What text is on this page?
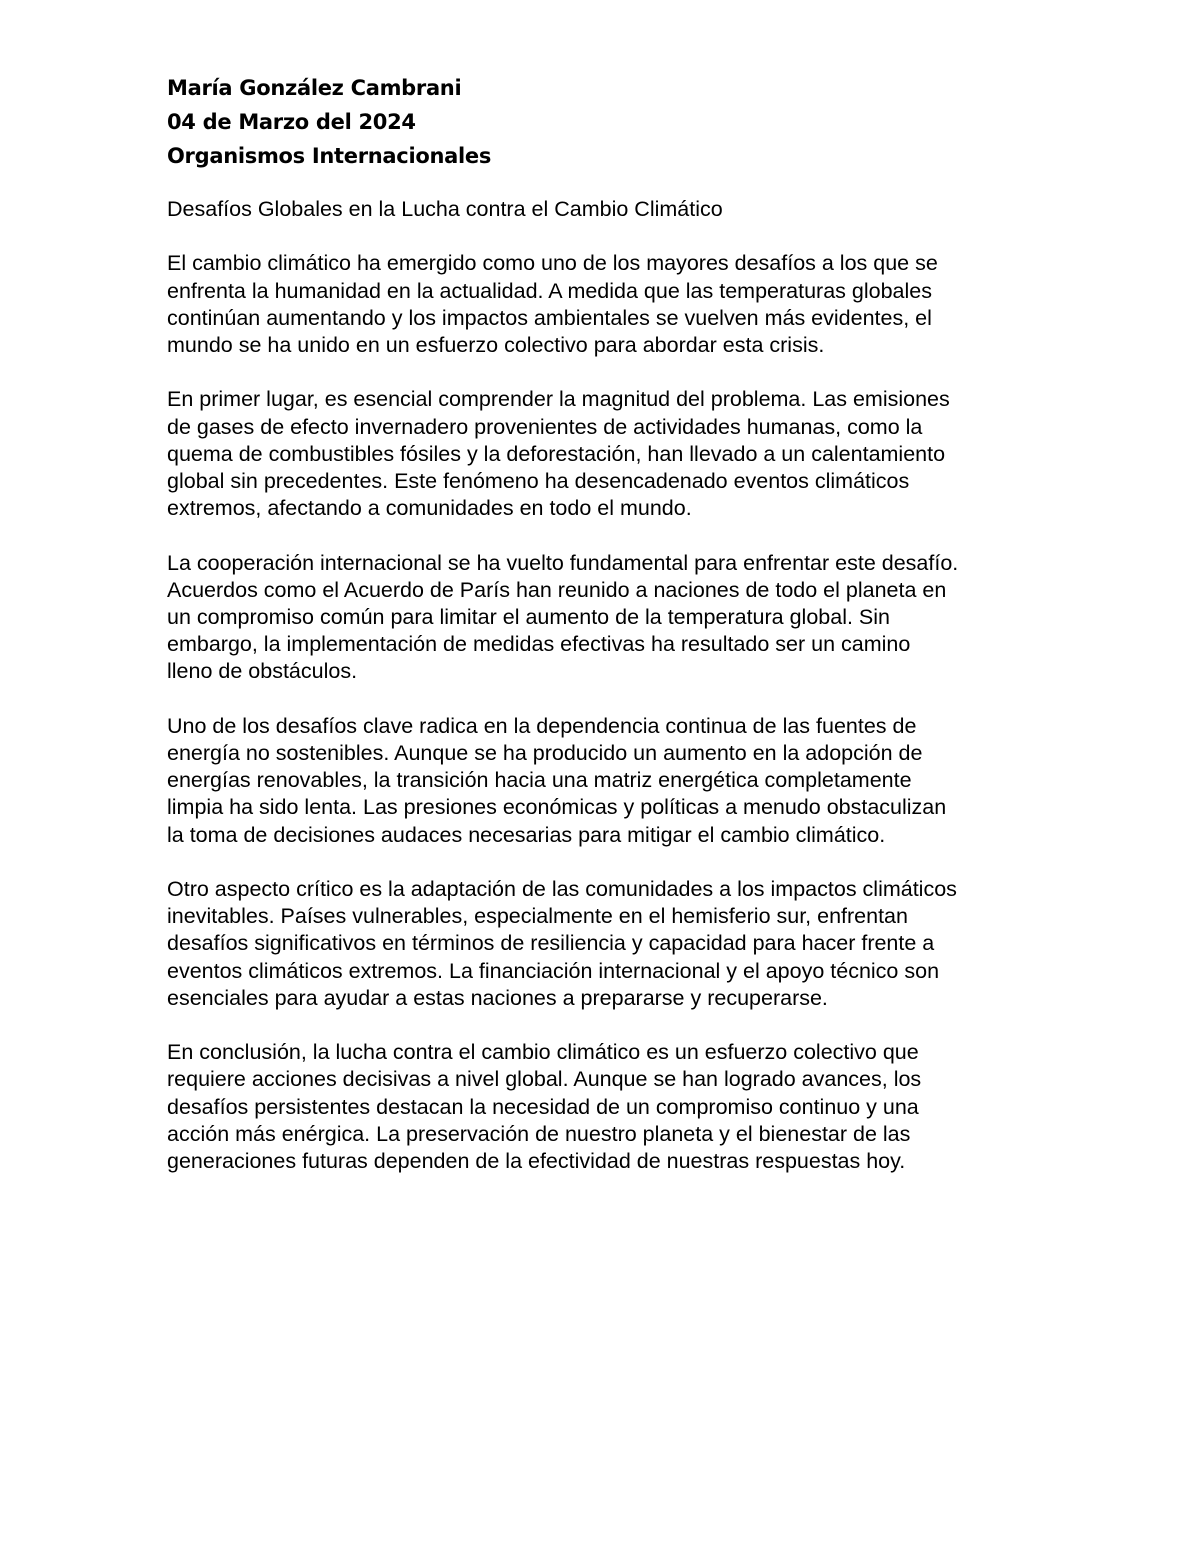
María González Cambrani

04 de Marzo del 2024

Organismos Internacionales

Desafíos Globales en la Lucha contra el Cambio Climático

El cambio climático ha emergido como uno de los mayores desafíos a los que se
enfrenta la humanidad en la actualidad. A medida que las temperaturas globales
continúan aumentando y los impactos ambientales se vuelven más evidentes, el
mundo se ha unido en un esfuerzo colectivo para abordar esta crisis.
En primer lugar, es esencial comprender la magnitud del problema. Las emisiones
de gases de efecto invernadero provenientes de actividades humanas, como la
quema de combustibles fósiles y la deforestación, han llevado a un calentamiento
global sin precedentes. Este fenómeno ha desencadenado eventos climáticos
extremos, afectando a comunidades en todo el mundo.
La cooperación internacional se ha vuelto fundamental para enfrentar este desafío.
Acuerdos como el Acuerdo de París han reunido a naciones de todo el planeta en
un compromiso común para limitar el aumento de la temperatura global. Sin
embargo, la implementación de medidas efectivas ha resultado ser un camino
lleno de obstáculos.
Uno de los desafíos clave radica en la dependencia continua de las fuentes de
energía no sostenibles. Aunque se ha producido un aumento en la adopción de
energías renovables, la transición hacia una matriz energética completamente
limpia ha sido lenta. Las presiones económicas y políticas a menudo obstaculizan
la toma de decisiones audaces necesarias para mitigar el cambio climático.
Otro aspecto crítico es la adaptación de las comunidades a los impactos climáticos
inevitables. Países vulnerables, especialmente en el hemisferio sur, enfrentan
desafíos significativos en términos de resiliencia y capacidad para hacer frente a
eventos climáticos extremos. La financiación internacional y el apoyo técnico son
esenciales para ayudar a estas naciones a prepararse y recuperarse.
En conclusión, la lucha contra el cambio climático es un esfuerzo colectivo que
requiere acciones decisivas a nivel global. Aunque se han logrado avances, los
desafíos persistentes destacan la necesidad de un compromiso continuo y una
acción más enérgica. La preservación de nuestro planeta y el bienestar de las
generaciones futuras dependen de la efectividad de nuestras respuestas hoy.
